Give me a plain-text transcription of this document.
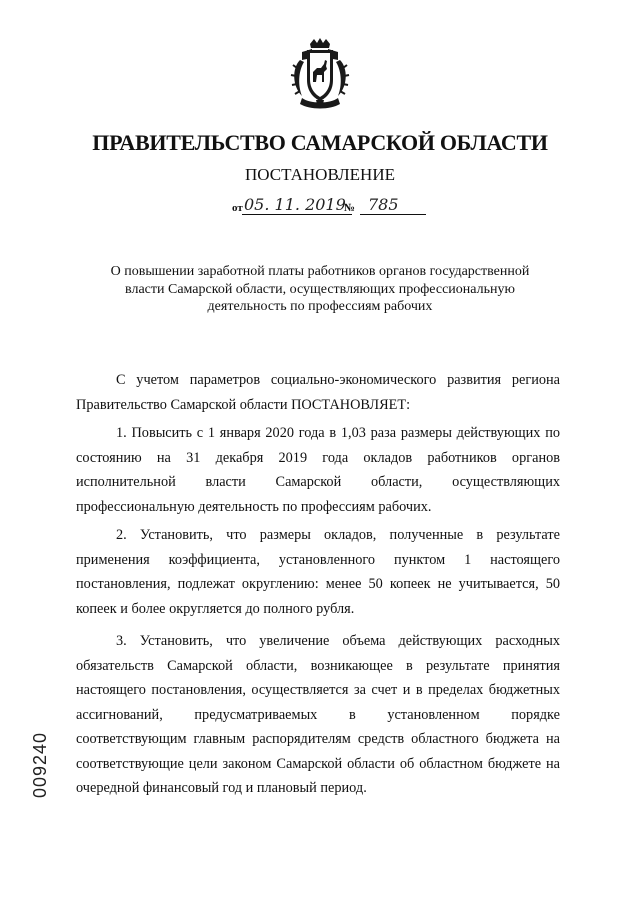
ПРАВИТЕЛЬСТВО САМАРСКОЙ ОБЛАСТИ
ПОСТАНОВЛЕНИЕ
от 05. 11. 2019
№ 785
О повышении заработной платы работников органов государственной
власти Самарской области, осуществляющих профессиональную
деятельность по профессиям рабочих

С учетом параметров социально-экономического развития региона Правительство Самарской области ПОСТАНОВЛЯЕТ:

1. Повысить с 1 января 2020 года в 1,03 раза размеры действующих по состоянию на 31 декабря 2019 года окладов работников органов исполнительной власти Самарской области, осуществляющих профессиональную деятельность по профессиям рабочих.

2. Установить, что размеры окладов, полученные в результате применения коэффициента, установленного пунктом 1 настоящего постановления, подлежат округлению: менее 50 копеек не учитывается, 50 копеек и более округляется до полного рубля.

3. Установить, что увеличение объема действующих расходных обязательств Самарской области, возникающее в результате принятия настоящего постановления, осуществляется за счет и в пределах бюджетных ассигнований, предусматриваемых в установленном порядке соответствующим главным распорядителям средств областного бюджета на соответствующие цели законом Самарской области об областном бюджете на очередной финансовый год и плановый период.

009240
